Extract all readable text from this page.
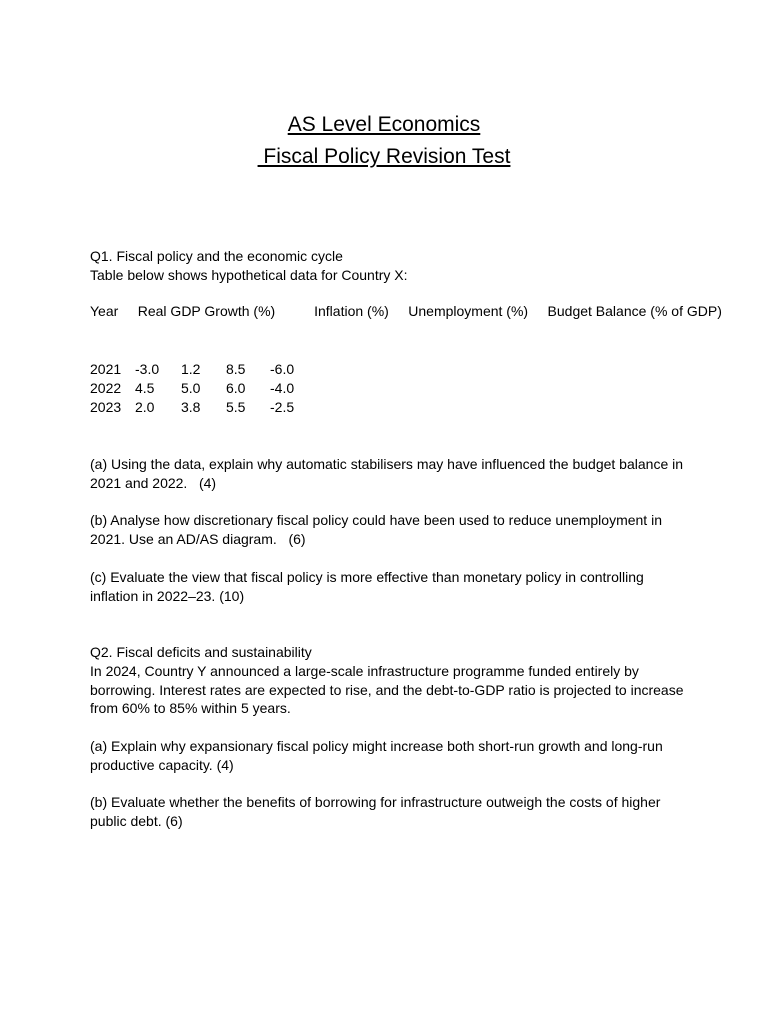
AS Level Economics
Fiscal Policy Revision Test
Q1. Fiscal policy and the economic cycle
Table below shows hypothetical data for Country X:
Year Real GDP Growth (%)	Inflation (%) Unemployment (%) Budget Balance (% of GDP)
2021 -3.0 1.2 8.5 -6.0
2022 4.5 5.0 6.0 -4.0
2023 2.0 3.8 5.5 -2.5
(a) Using the data, explain why automatic stabilisers may have influenced the budget balance in
2021 and 2022.   (4)
(b) Analyse how discretionary fiscal policy could have been used to reduce unemployment in
2021. Use an AD/AS diagram.   (6)
(c) Evaluate the view that fiscal policy is more effective than monetary policy in controlling
inflation in 2022–23. (10)
Q2. Fiscal deficits and sustainability
In 2024, Country Y announced a large-scale infrastructure programme funded entirely by
borrowing. Interest rates are expected to rise, and the debt-to-GDP ratio is projected to increase
from 60% to 85% within 5 years.
(a) Explain why expansionary fiscal policy might increase both short-run growth and long-run
productive capacity. (4)
(b) Evaluate whether the benefits of borrowing for infrastructure outweigh the costs of higher
public debt. (6)
